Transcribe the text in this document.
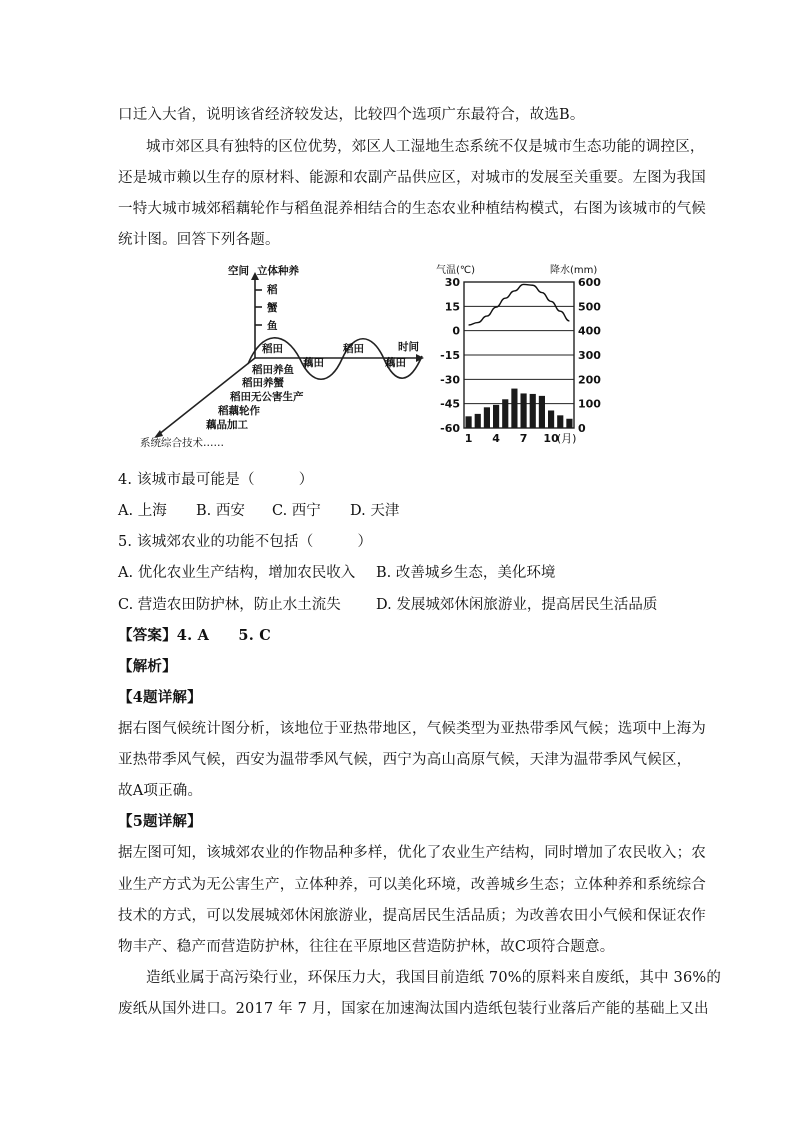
口迁入大省，说明该省经济较发达，比较四个选项广东最符合，故选B。
城市郊区具有独特的区位优势，郊区人工湿地生态系统不仅是城市生态功能的调控区，
还是城市赖以生存的原材料、能源和农副产品供应区，对城市的发展至关重要。左图为我国
一特大城市城郊稻藕轮作与稻鱼混养相结合的生态农业种植结构模式，右图为该城市的气候
统计图。回答下列各题。
空间 立体种养
稻
蟹
鱼
时间
稻田
藕田
稻田
藕田
稻田养鱼
稻田养蟹
稻田无公害生产
稻藕轮作
藕品加工
系统综合技术……
气温(℃)	降水(mm)
30	600
15	500
0	400
-15	300
-30	200
-45	100
-60	0
1 4 7 10
(月)
4. 该城市最可能是（　　　）
A. 上海 B. 西安 C. 西宁 D. 天津
5. 该城郊农业的功能不包括（　　　）
A. 优化农业生产结构，增加农民收入 B. 改善城乡生态，美化环境
C. 营造农田防护林，防止水土流失 D. 发展城郊休闲旅游业，提高居民生活品质
【答案】4. A　　5. C
【解析】
【4题详解】
据右图气候统计图分析，该地位于亚热带地区，气候类型为亚热带季风气候；选项中上海为
亚热带季风气候，西安为温带季风气候，西宁为高山高原气候，天津为温带季风气候区，
故A项正确。
【5题详解】
据左图可知，该城郊农业的作物品种多样，优化了农业生产结构，同时增加了农民收入；农
业生产方式为无公害生产，立体种养，可以美化环境，改善城乡生态；立体种养和系统综合
技术的方式，可以发展城郊休闲旅游业，提高居民生活品质；为改善农田小气候和保证农作
物丰产、稳产而营造防护林，往往在平原地区营造防护林，故C项符合题意。
造纸业属于高污染行业，环保压力大，我国目前造纸 70%的原料来自废纸，其中 36%的
废纸从国外进口。2017 年 7 月，国家在加速淘汰国内造纸包装行业落后产能的基础上又出
